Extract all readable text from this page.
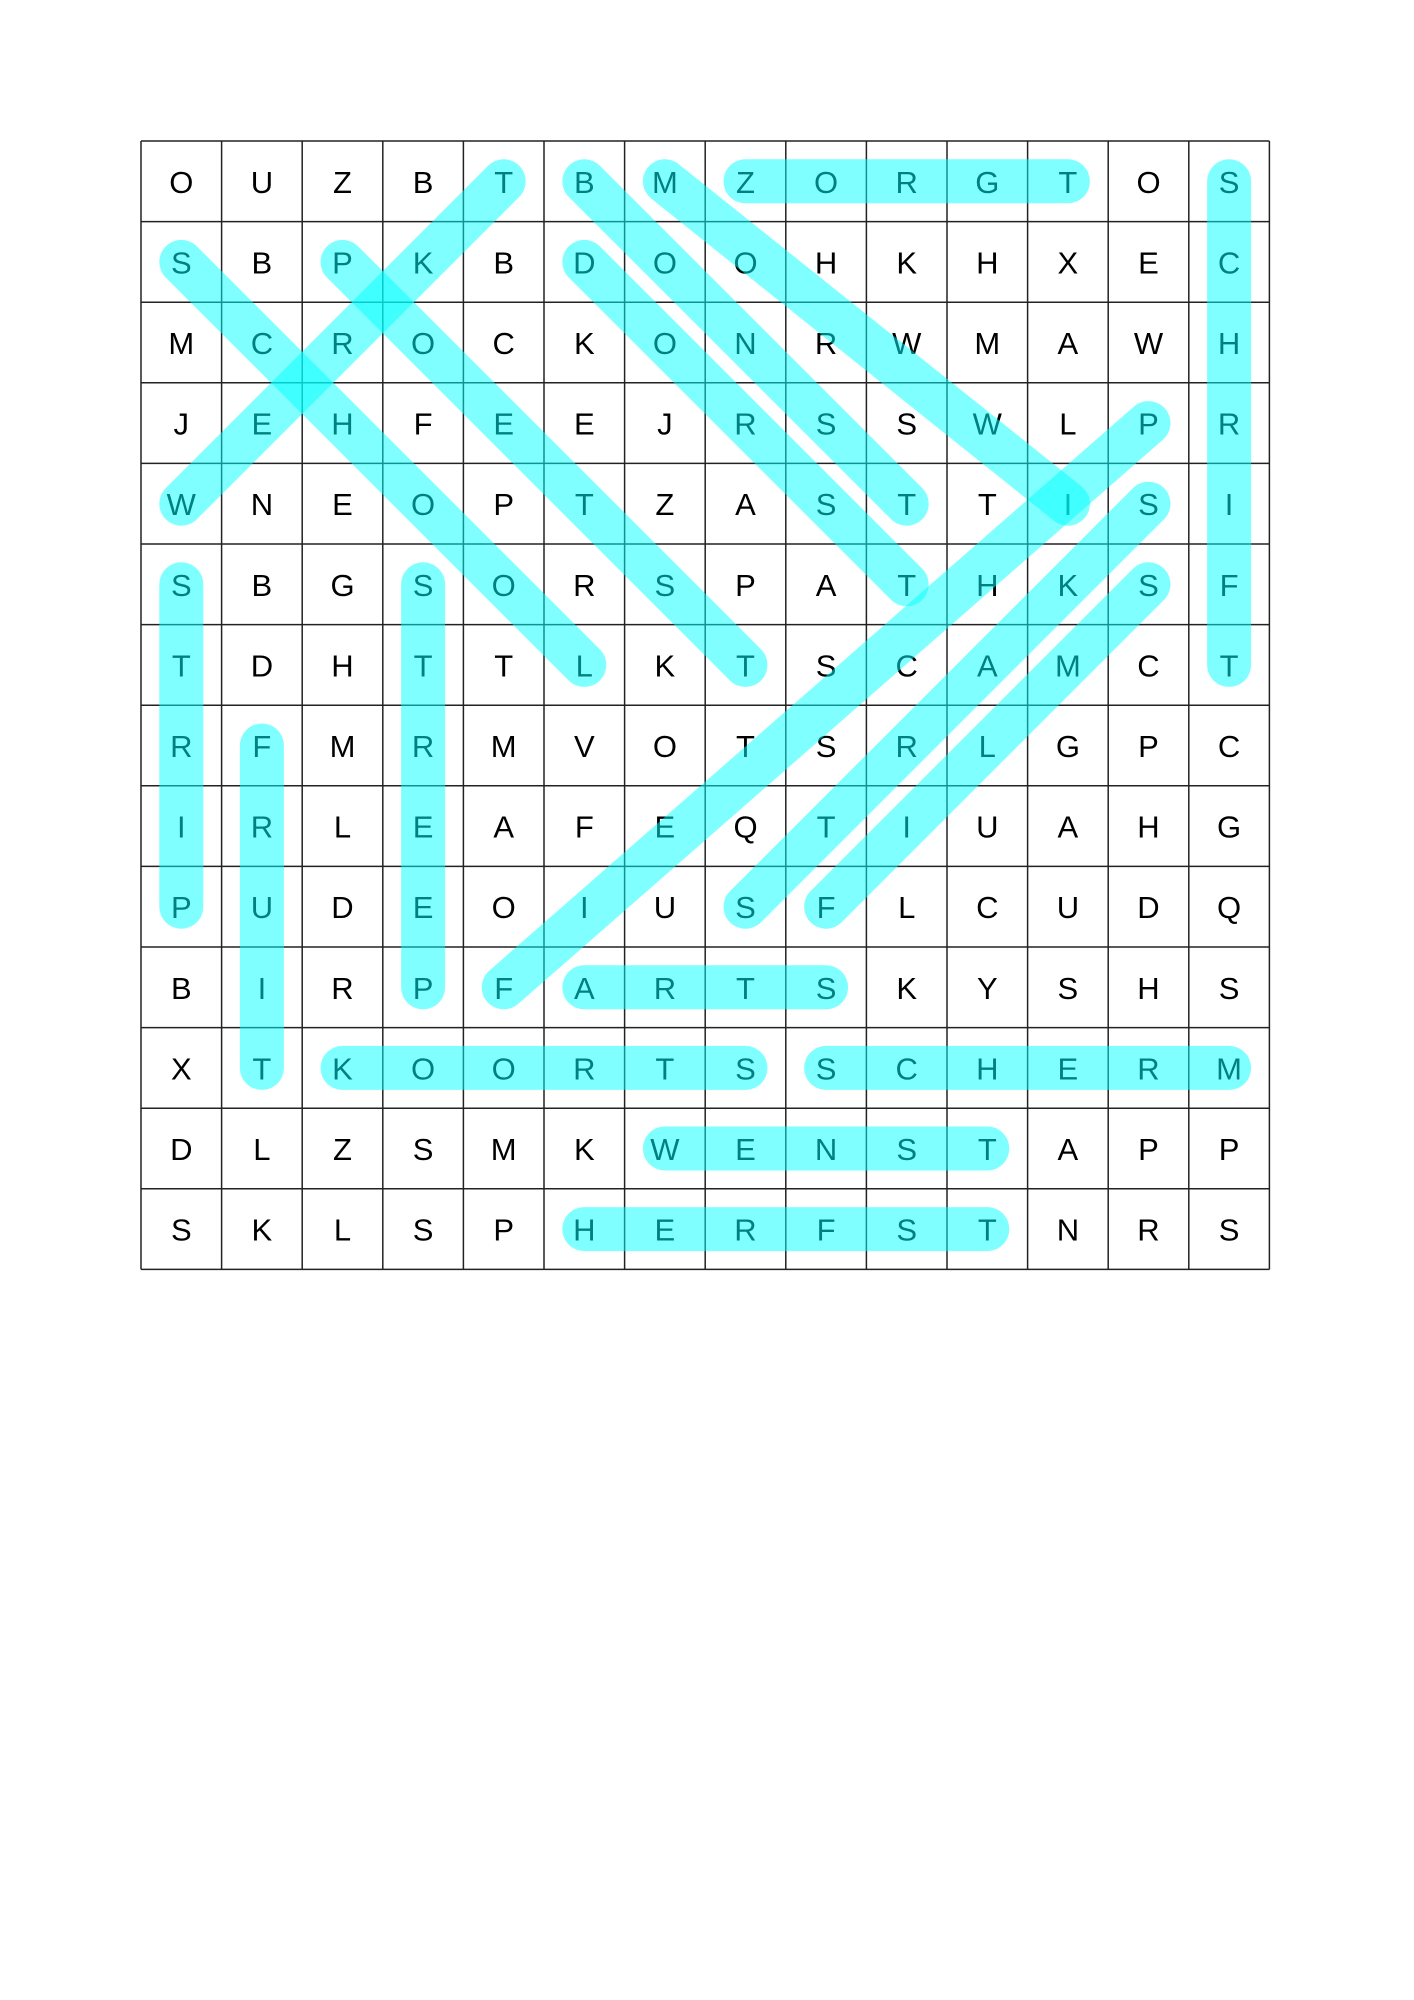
O U Z B T B M Z O R G T O S
S B P K B D O O H K H X E C
M C R O C K O N R W M A W H
J E H F E E J R S S W L P R
W N E O P T Z A S T T I S I
S B G S O R S P A T H K S F
T D H T T L K T S C A M C T
R F M R M V O T S R L G P C
I R L E A F E Q T I U A H G
P U D E O I U S F L C U D Q
B I R P F A R T S K Y S H S
X T K O O R T S S C H E R M
D L Z S M K W E N S T A P P
S K L S P H E R F S T N R S
